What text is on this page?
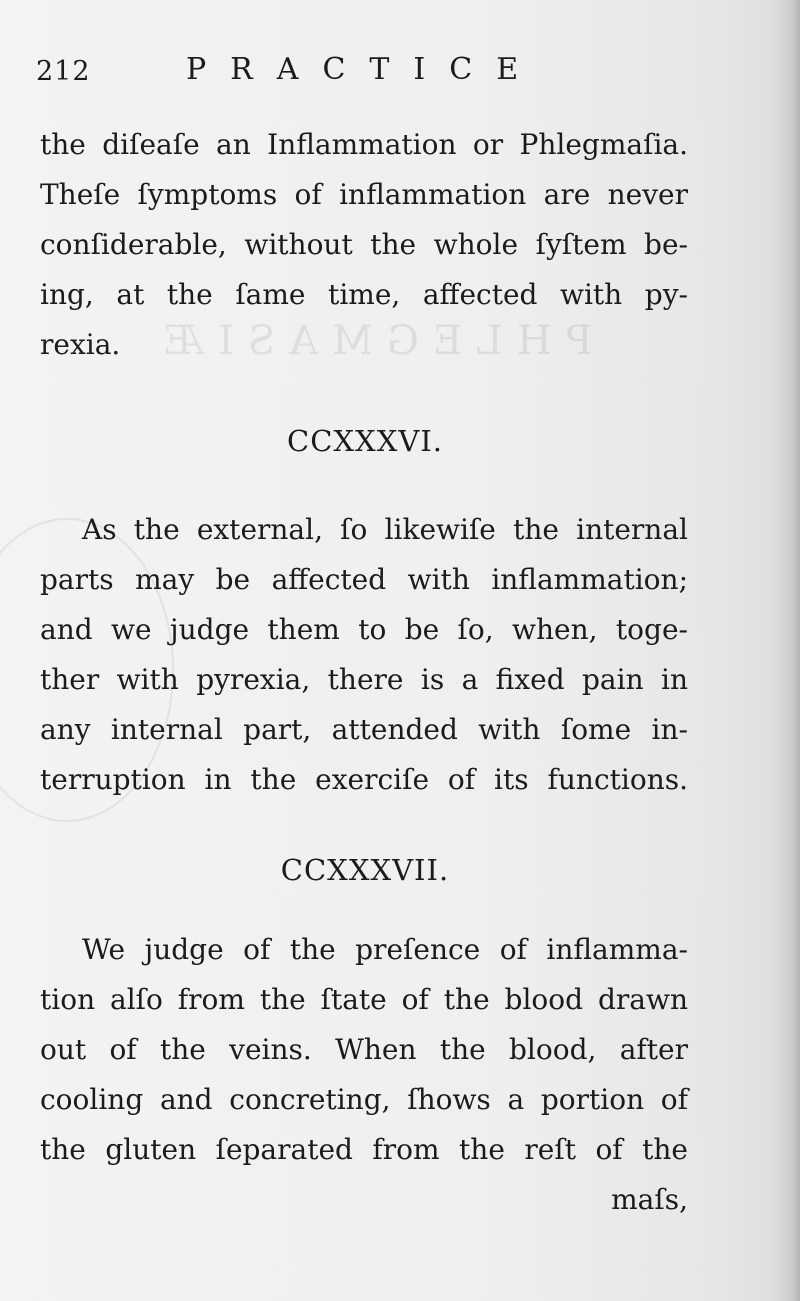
PHLEGMASIÆ
212	PRACTICE
the diſeaſe an Inflammation or Phlegmaſia.
Theſe ſymptoms of inflammation are never
conſiderable, without the whole ſyſtem be-
ing, at the ſame time, affected with py-
rexia.
CCXXXVI.
As the external, ſo likewiſe the internal
parts may be affected with inflammation;
and we judge them to be ſo, when, toge-
ther with pyrexia, there is a fixed pain in
any internal part, attended with ſome in-
terruption in the exerciſe of its functions.
CCXXXVII.
We judge of the preſence of inflamma-
tion alſo from the ſtate of the blood drawn
out of the veins. When the blood, after
cooling and concreting, ſhows a portion of
the gluten ſeparated from the reſt of the
maſs,
